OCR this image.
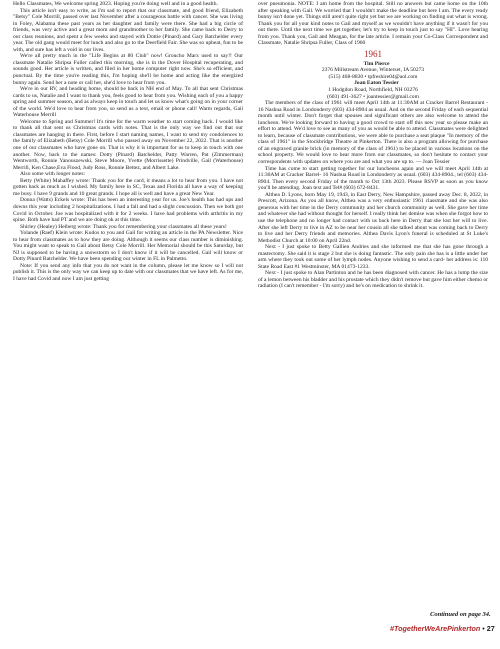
Hello Classmates, We welcome spring 2023. Hoping you're doing well and in a good health.

This article isn't easy to write, as I'm sad to report that our classmate, and good friend, Elizabeth "Betsy" Cole Morrill, passed over last November after a courageous battle with cancer. She was living in Foley, Alabama these past years as her daughter and family were there. She had a big circle of friends, was very active and a great mom and grandmother to her family. She came back to Derry to our class reunions, and spent a few weeks and stayed with Dottie (Pinard) and Gary Batchelder every year. The old gang would meet for lunch and also go to the Deerfield Fair. She was so upbeat, fun to be with, and sure has left a void in our lives.

We're all pretty much in the "Life Begins at 80 Club" now! Groucho Marx used to say!! Our classmate Natalie Shripsa Fuller called this morning, she is in the Dover Hospital recuperating, and sounds good. Her article is written, and filed in her home computer right now. She's so efficient, and punctual. By the time you're reading this, I'm hoping she'll be home and acting like the energized bunny again. Send her a note or call her, she'd love to hear from you.

We're in our RV, and heading home, should be back in NH end of May. To all that sent Christmas cards to us, Natalie and I want to thank you, feels good to hear from you. Wishing each of you a happy spring and summer season, and as always keep in touch and let us know what's going on in your corner of the world. We'd love to hear from you, so send us a text, email or phone call! Warm regards, Gail Waterhouse Merrill

Welcome to Spring and Summer! It's time for the warm weather to start coming back. I would like to thank all that sent us Christmas cards with notes. That is the only way we find out that our classmates are hanging in there. First, before I start naming names, I want to send my condolences to the family of Elizabeth (Betsy) Cole Morrill who passed away on November 22, 2022. That is another one of our classmates who have gone on. That is why it is important for us to keep in touch with one another. Now, back to the names: Dotty (Pinard) Batchelder, Patty Warren, Pat (Zimmerman) Wentworth, Ronnie Yanouszewski, Steve Moore, Yvette (Morrissette) Prindville, Gail (Waterhouse) Merrill, Ken Chase,Eva Flood, Judy Ross, Ronnie Bettez, and Albert Lake.

Also some with longer notes:

Betty (White) Mahaffey wrote: Thank you for the card, it means a lot to hear from you. I have not gotten back as much as I wished. My family here in SC, Texas and Florida all have a way of keeping me busy. I have 9 grands and 10 great grands. I hope all is well and have a great New Year.

Donna (Watts) Eckels wrote: This has been an interesting year for us. Joe's health has had ups and downs this year including 2 hospitalizations. I had a fall and had a slight concussion. Then we both got Covid in October. Joe was hospitalized with it for 2 weeks. I have had problems with arthritis in my spine. Both have had PT and we are doing ok at this time.

Shirley (Healey) Heiberg wrote: Thank you for remembering your classmates all these years!

Yolande (Raef) Klein wrote: Kudos to you and Gail for writing an article in the PA Newsletter. Nice to hear from classmates as to how they are doing. Although it seems our class number is diminishing. You might want to speak to Gail about Betsy Cole Morrill. Her Memorial should be this Saturday, but NJ is supposed to be having a snowstorm so I don't know if it will be cancelled. Gail will know or Dotty Pinard Batchelder. We have been spending our winter in FL in Palmetto.

Note: If you send any info that you do not want in the column, please let me know so I will not publish it. This is the only way we can keep up to date with our classmates that we have left. As for me, I have had Covid and now I am just getting

over pneumonia. NOTE: I am home from the hospital. Still no answers but came home on the 10th after speaking with Gail. We worried that I wouldn't make the deadline but here I am. The every ready bunny isn't done yet. Things still aren't quite right yet but we are working on finding out what is wrong. Thank you for all your kind notes to Gail and myself as we wouldn't have anything if it wasn't for you out there. Until the next time we get together, let's try to keep in touch just to say "HI". Love hearing from you. Thank you, Gail and Meagan, for the late article. I remain your Co-Class Correspondent and Classmate, Natalie Shripsa Fuller, Class of 1960

1961

Tim Pierce
2376 Millstream Avenue, Winterset, IA 50273
(515) 468-8830 • tpfreshire04@aol.com

Joan Eaton Tessier
1 Hodgdon Road, Northfield, NH 03276
(603) 491-3627 • joantessier@gmail.com

The members of the class of 1961 will meet April 14th at 11:30AM at Cracker Barrel Restaurant - 16 Nashua Road in Londonderry (603) 434-8904 as usual. And on the second Friday of each sequential month until winter. Don't forget that spouses and significant others are also welcome to attend the luncheon. We're looking forward to having a good crowd to start off this new year so please make an effort to attend. We'd love to see as many of you as would be able to attend. Classmates were delighted to learn, because of classmate contributions, we were able to purchase a seat plaque "In memory of the class of 1961" in the Stockbridge Theatre at Pinkerton. There is also a program allowing for purchase of an engraved granite brick (in memory of the class of 1961) to be placed in various locations on the school property. We would love to hear more from our classmates, so don't hesitate to contact your correspondents with updates on where you are and what you are up to. — Joan Tessier

Time has come to start getting together for our luncheons again and we will meet April 14th at 11:30AM at Cracker Barrel- 16 Nashua Road in Londonderry as usual. (603) 434-8904., tel (603) 434-8904. Then every second Friday of the month to Oct 13th 2023. Please RSVP as soon as you know you'll be attending. Joan text and Tel# (603) 672-8431.

Althea D. Lyons, born May 19, 1943, in East Derry, New Hampshire, passed away Dec. 8, 2022, in Prescott, Arizona. As you all know, Althea was a very enthusiastic 1961 classmate and she was also generous with her time in the Derry community and her church community as well. She gave her time and whatever she had without thought for herself. I really think her demise was when she forgot how to use the telephone and no longer had contact with us back here in Derry that she lost her will to live. After she left Derry to live in AZ to be near her cousin all she talked about was coming back to Derry to live and her Derry friends and memories. Althea Davis Lyon's funeral is scheduled at St Luke's Methodist Church at 10:00 on April 22nd.

Next - I just spoke to Betty Gallien Andries and she informed me that she has gone through a mastectomy. She said it is stage 2 but she is doing fantastic. The only pain she has is a little under her arm where they took out some of her lymph nodes. Anyone wishing to send a card- her address is: 110 State Road East #1 Westminster, MA 01473-1233.

Next - I just spoke to Alan Partinton and he has been diagnosed with cancer. He has a lump the size of a lemon between his bladder and his prostate which they didn't remove but gave him either chemo or radiation (I can't remember - I'm sorry) and he's on medication to shrink it.

Continued on page 34.
#TogetherWeArePinkerton • 27
